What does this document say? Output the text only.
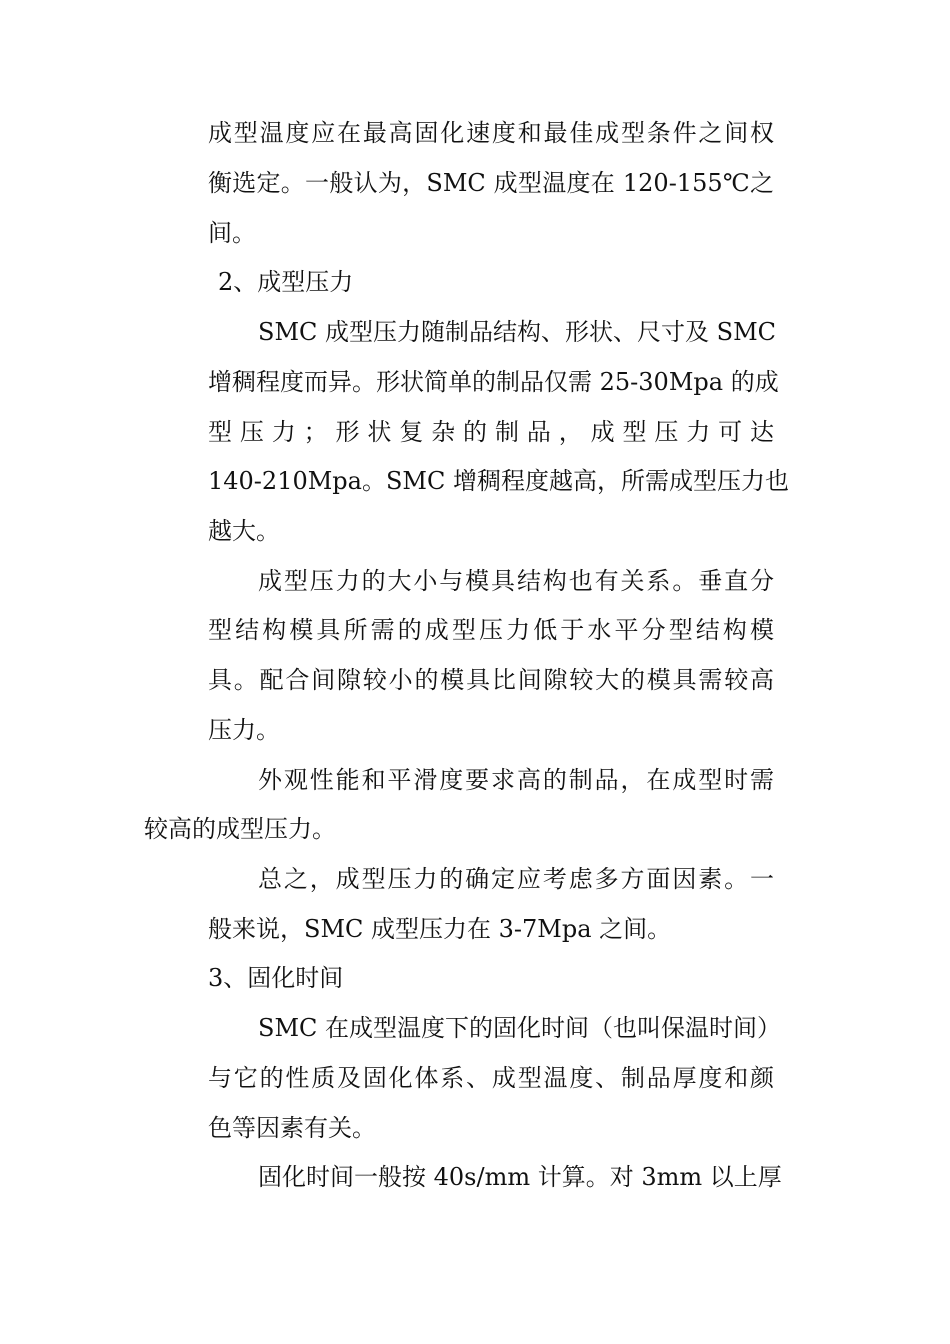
成型温度应在最高固化速度和最佳成型条件之间权
衡选定。一般认为，SMC 成型温度在 120-155℃之
间。
2、成型压力
SMC 成型压力随制品结构、形状、尺寸及 SMC
增稠程度而异。形状简单的制品仅需 25-30Mpa 的成
型压力；形状复杂的制品，成型压力可达
140-210Mpa。SMC 增稠程度越高，所需成型压力也
越大。
成型压力的大小与模具结构也有关系。垂直分
型结构模具所需的成型压力低于水平分型结构模
具。配合间隙较小的模具比间隙较大的模具需较高
压力。
外观性能和平滑度要求高的制品，在成型时需
较高的成型压力。
总之，成型压力的确定应考虑多方面因素。一
般来说，SMC 成型压力在 3-7Mpa 之间。
3、固化时间
SMC 在成型温度下的固化时间（也叫保温时间）
与它的性质及固化体系、成型温度、制品厚度和颜
色等因素有关。
固化时间一般按 40s/mm 计算。对 3mm 以上厚
